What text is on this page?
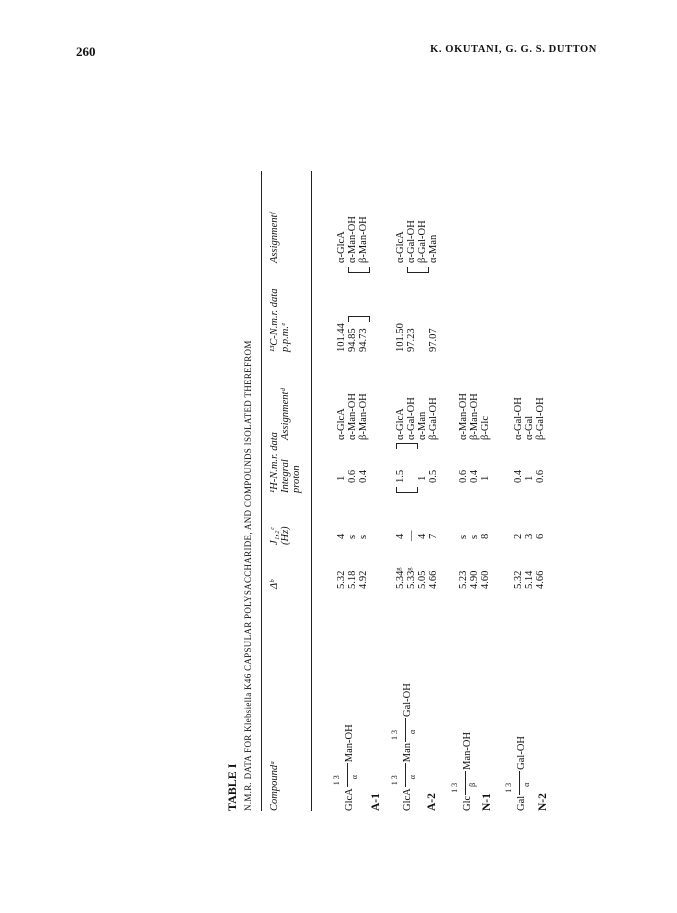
260	K. OKUTANI, G. G. S. DUTTON
TABLE I N.M.R. DATA FOR Klebsiella K46 CAPSULAR POLYSACCHARIDE, AND COMPOUNDS ISOLATED THEREFROM Compoundᵃ
Δᵇ
J₁,₂ᶜ (Hz)
¹H-N.m.r. data Integral proton
Assignmentᵈ
¹³C-N.m.r. data p.p.m.ᵉ
Assignmentᶠ
GlcA
1 3 α
Man-OH
A-1
5.32 5.18 4.92
4 s s
1 0.6 0.4
α-GlcA α-Man-OH β-Man-OH
101.44 94.85 94.73
α-GlcA α-Man-OH β-Man-OH
GlcA
1 3 α
Man
1 3 α
Gal-OH
A-2
5.34ᵍ 5.33ᵍ 5.05 4.66
4 — 4 7
1.5 1 0.5
α-GlcA α-Gal-OH α-Man β-Gal-OH
101.50 97.23 97.07
α-GlcA α-Gal-OH β-Gal-OH α-Man
Glc
1 3 β
Man-OH
N-1
5.23 4.90 4.60
s s 8
0.6 0.4 1
α-Man-OH β-Man-OH β-Glc
Gal
1 3 α
Gal-OH
N-2
5.32 5.14 4.66
2 3 6
0.4 1 0.6
α-Gal-OH α-Gal β-Gal-OH
